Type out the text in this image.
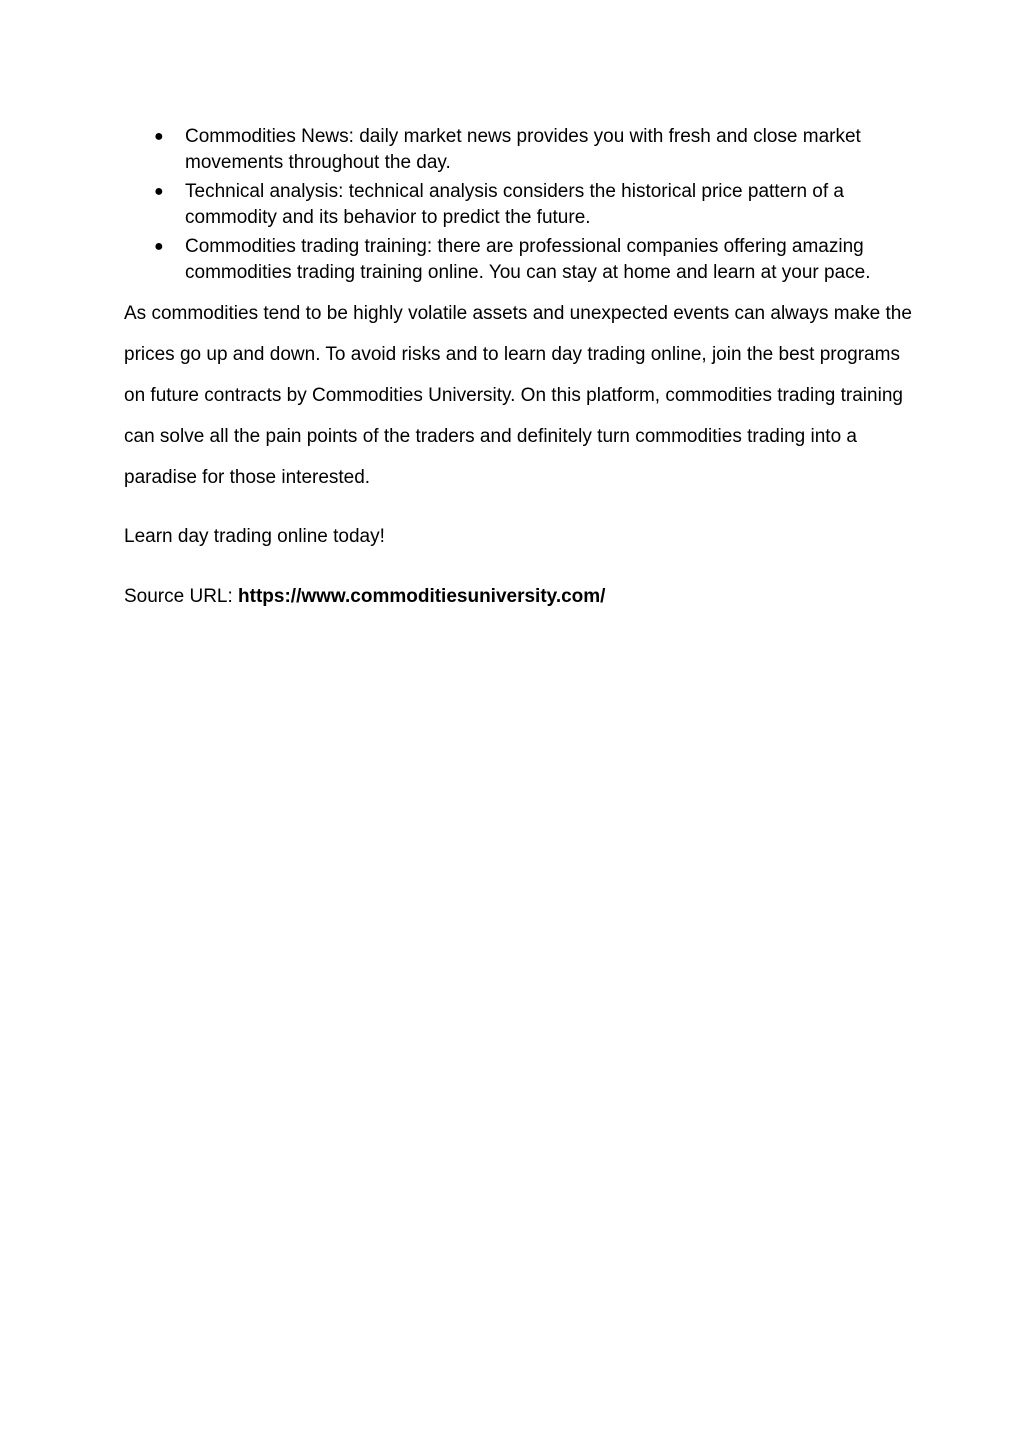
● Commodities News: daily market news provides you with fresh and close market movements throughout the day.
● Technical analysis: technical analysis considers the historical price pattern of a commodity and its behavior to predict the future.
● Commodities trading training: there are professional companies offering amazing commodities trading training online. You can stay at home and learn at your pace.

As commodities tend to be highly volatile assets and unexpected events can always make the prices go up and down. To avoid risks and to learn day trading online, join the best programs on future contracts by Commodities University. On this platform, commodities trading training can solve all the pain points of the traders and definitely turn commodities trading into a paradise for those interested.

Learn day trading online today!

Source URL: https://www.commoditiesuniversity.com/
